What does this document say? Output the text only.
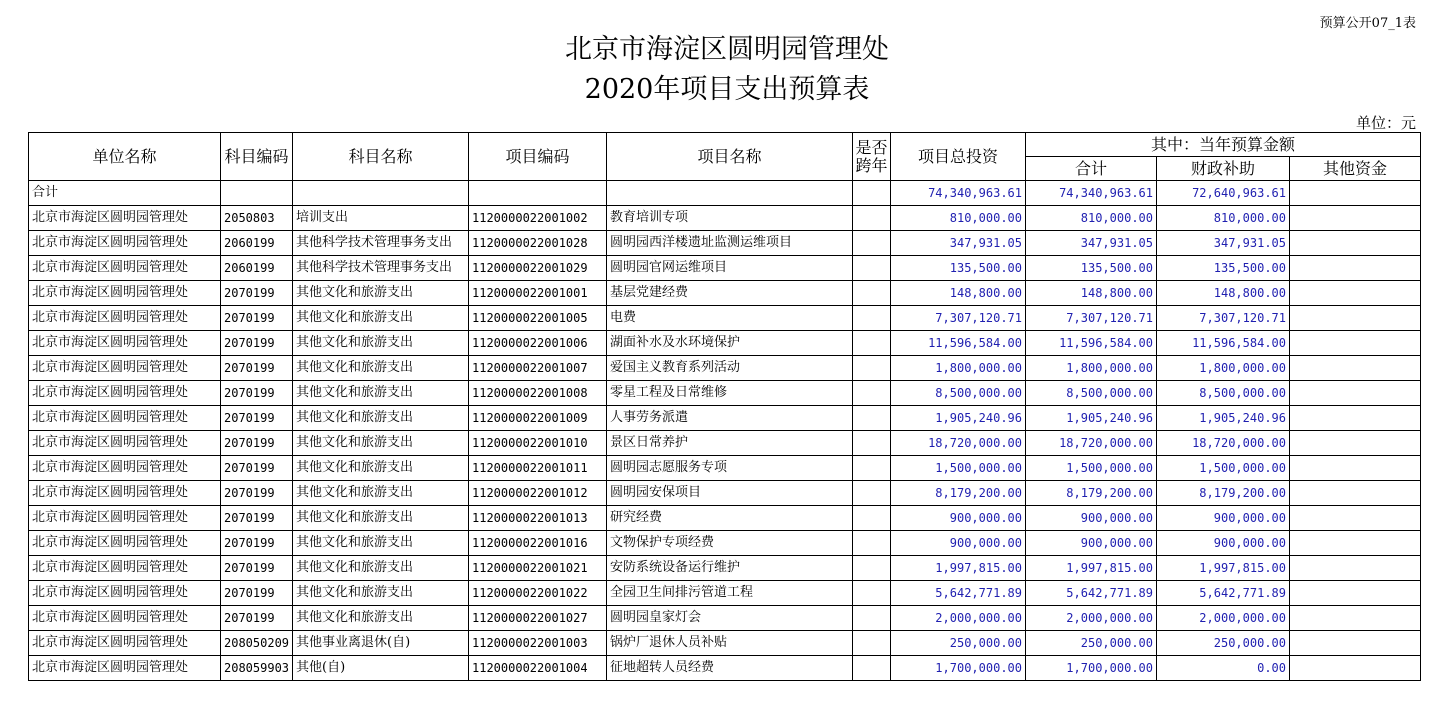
预算公开07_1表
北京市海淀区圆明园管理处
2020年项目支出预算表
单位：元
单位名称	科目编码	科目名称	项目编码	项目名称	是否跨年	项目总投资	其中：当年预算金额		
							合计	财政补助	其他资金
合计						74,340,963.61	74,340,963.61	72,640,963.61	
北京市海淀区圆明园管理处	2050803	培训支出	1120000022001002	教育培训专项		810,000.00	810,000.00	810,000.00	
北京市海淀区圆明园管理处	2060199	其他科学技术管理事务支出	1120000022001028	圆明园西洋楼遗址监测运维项目		347,931.05	347,931.05	347,931.05	
北京市海淀区圆明园管理处	2060199	其他科学技术管理事务支出	1120000022001029	圆明园官网运维项目		135,500.00	135,500.00	135,500.00	
北京市海淀区圆明园管理处	2070199	其他文化和旅游支出	1120000022001001	基层党建经费		148,800.00	148,800.00	148,800.00	
北京市海淀区圆明园管理处	2070199	其他文化和旅游支出	1120000022001005	电费		7,307,120.71	7,307,120.71	7,307,120.71	
北京市海淀区圆明园管理处	2070199	其他文化和旅游支出	1120000022001006	湖面补水及水环境保护		11,596,584.00	11,596,584.00	11,596,584.00	
北京市海淀区圆明园管理处	2070199	其他文化和旅游支出	1120000022001007	爱国主义教育系列活动		1,800,000.00	1,800,000.00	1,800,000.00	
北京市海淀区圆明园管理处	2070199	其他文化和旅游支出	1120000022001008	零星工程及日常维修		8,500,000.00	8,500,000.00	8,500,000.00	
北京市海淀区圆明园管理处	2070199	其他文化和旅游支出	1120000022001009	人事劳务派遣		1,905,240.96	1,905,240.96	1,905,240.96	
北京市海淀区圆明园管理处	2070199	其他文化和旅游支出	1120000022001010	景区日常养护		18,720,000.00	18,720,000.00	18,720,000.00	
北京市海淀区圆明园管理处	2070199	其他文化和旅游支出	1120000022001011	圆明园志愿服务专项		1,500,000.00	1,500,000.00	1,500,000.00	
北京市海淀区圆明园管理处	2070199	其他文化和旅游支出	1120000022001012	圆明园安保项目		8,179,200.00	8,179,200.00	8,179,200.00	
北京市海淀区圆明园管理处	2070199	其他文化和旅游支出	1120000022001013	研究经费		900,000.00	900,000.00	900,000.00	
北京市海淀区圆明园管理处	2070199	其他文化和旅游支出	1120000022001016	文物保护专项经费		900,000.00	900,000.00	900,000.00	
北京市海淀区圆明园管理处	2070199	其他文化和旅游支出	1120000022001021	安防系统设备运行维护		1,997,815.00	1,997,815.00	1,997,815.00	
北京市海淀区圆明园管理处	2070199	其他文化和旅游支出	1120000022001022	全园卫生间排污管道工程		5,642,771.89	5,642,771.89	5,642,771.89	
北京市海淀区圆明园管理处	2070199	其他文化和旅游支出	1120000022001027	圆明园皇家灯会		2,000,000.00	2,000,000.00	2,000,000.00	
北京市海淀区圆明园管理处	208050209	其他事业离退休(自)	1120000022001003	锅炉厂退休人员补贴		250,000.00	250,000.00	250,000.00	
北京市海淀区圆明园管理处	208059903	其他(自)	1120000022001004	征地超转人员经费		1,700,000.00	1,700,000.00	0.00	
